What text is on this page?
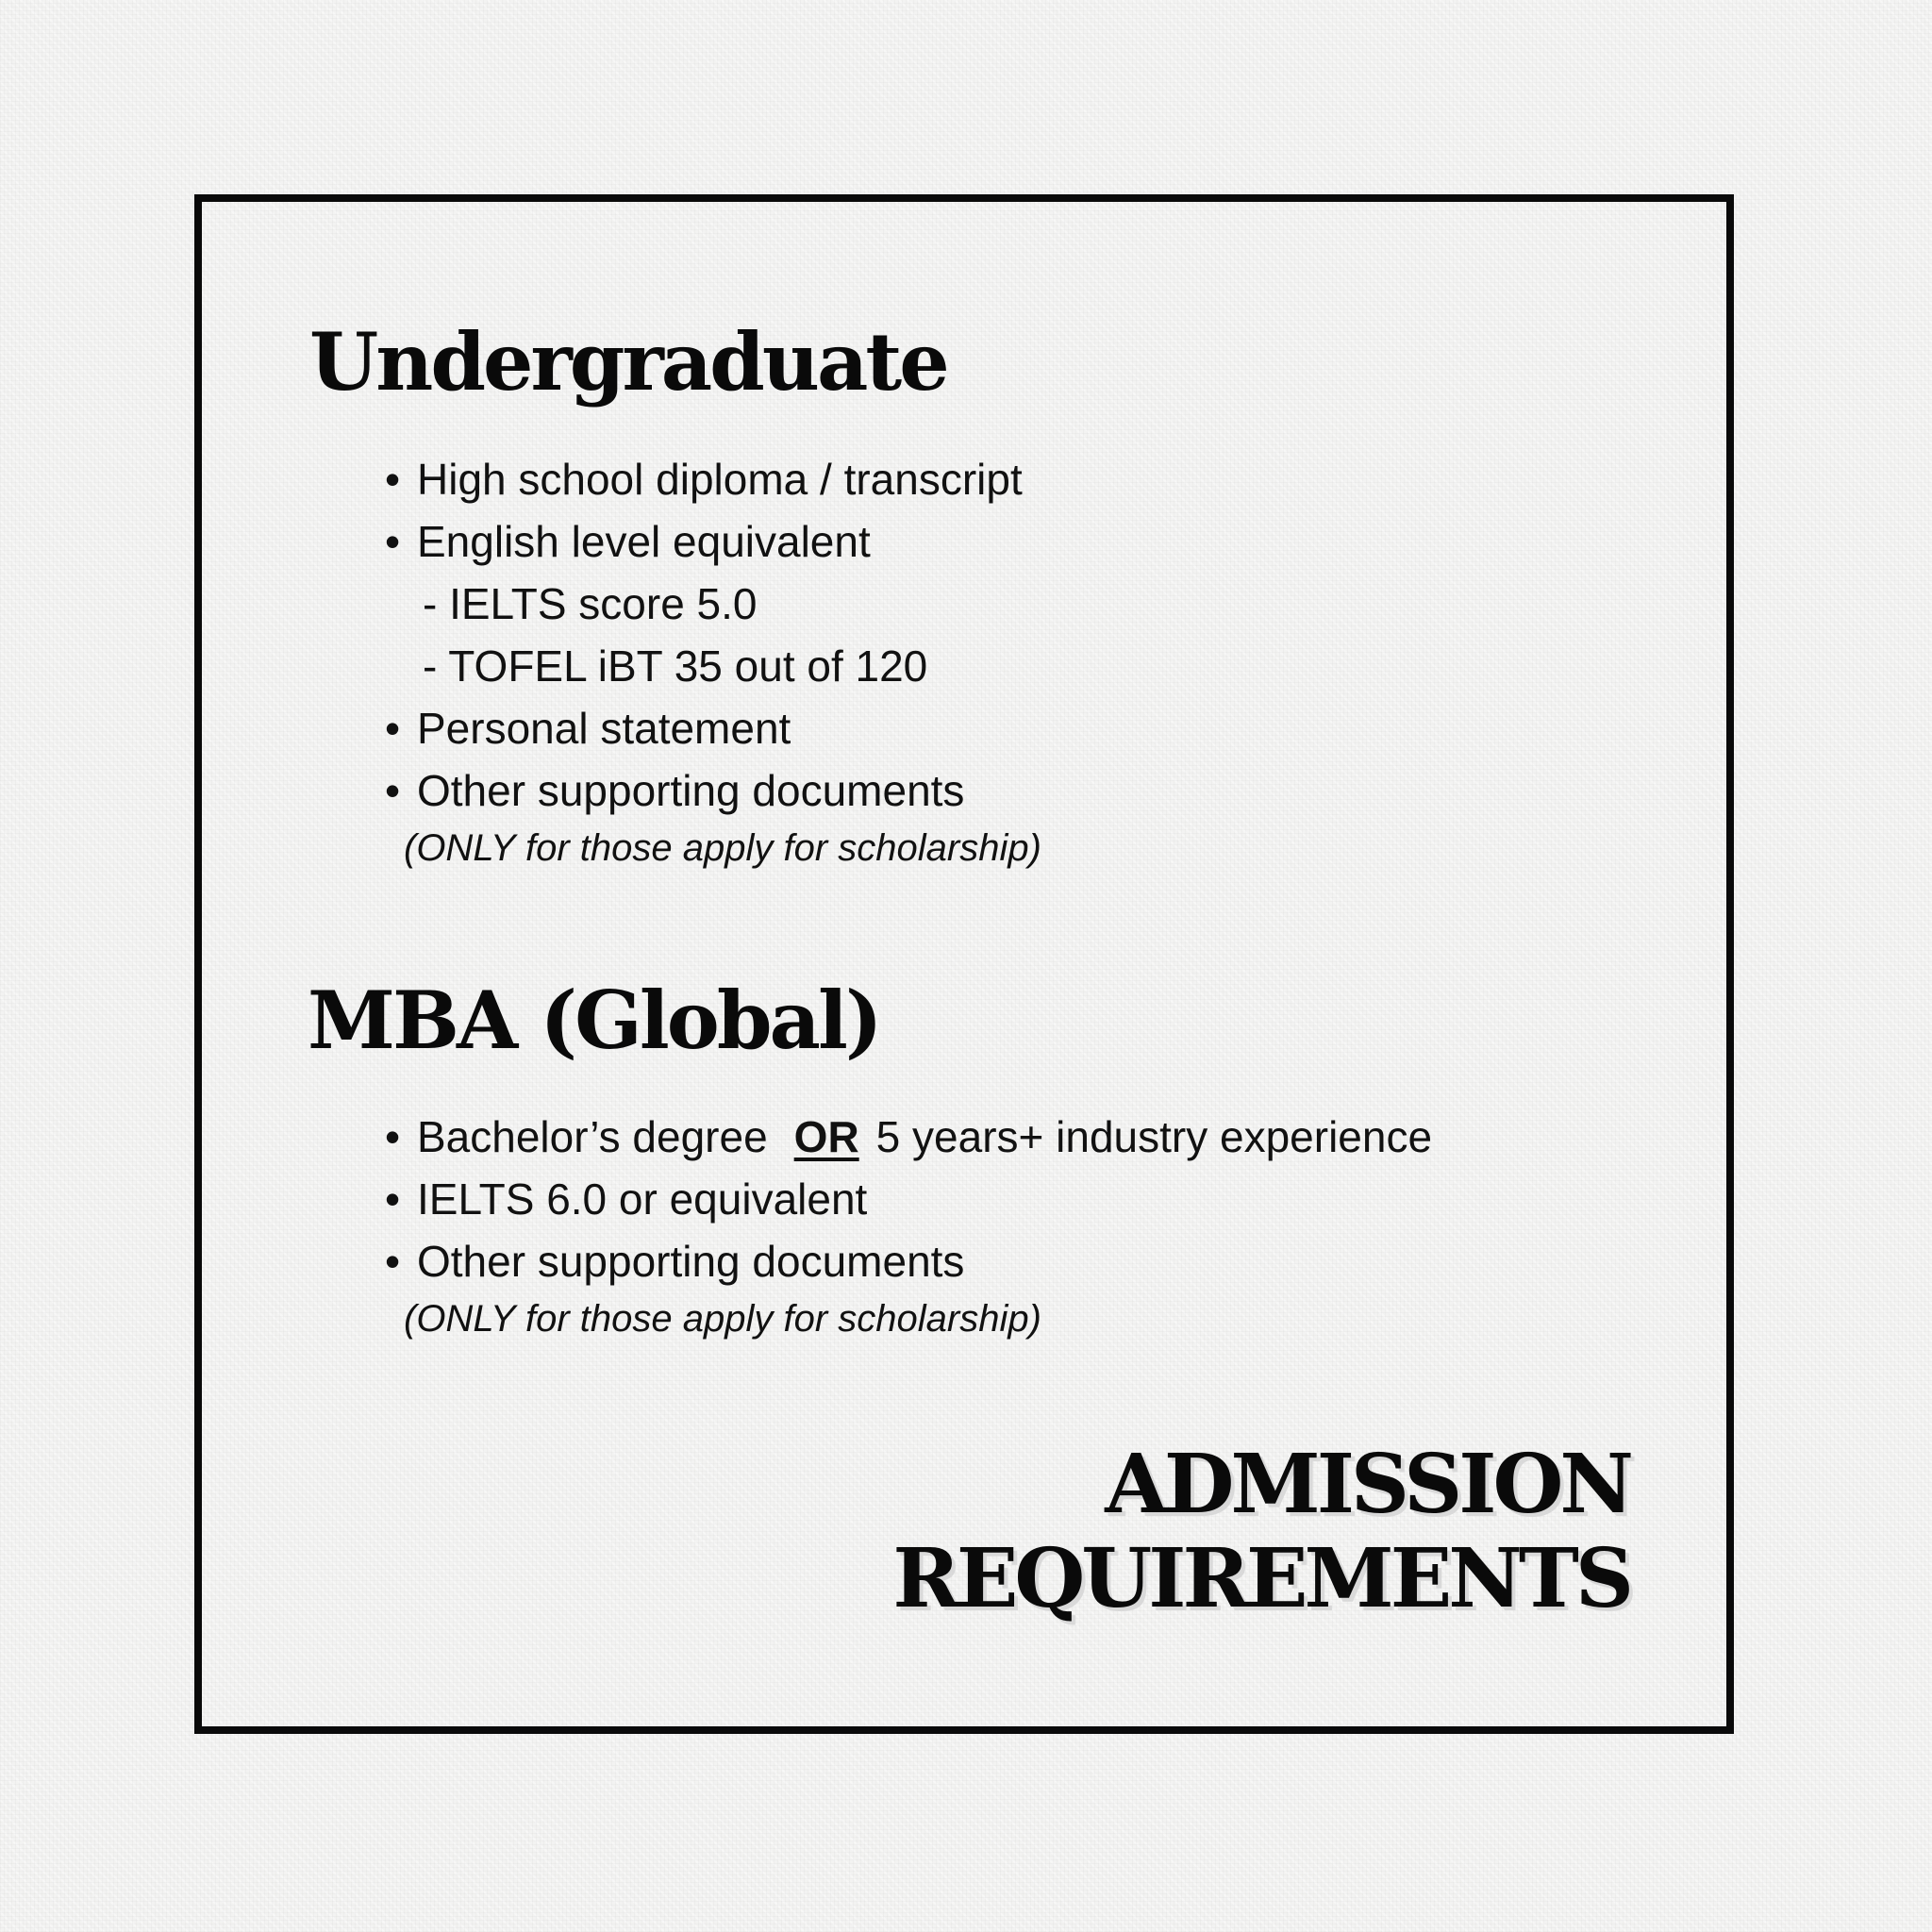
Undergraduate
• High school diploma / transcript
• English level equivalent
- IELTS score 5.0
- TOFEL iBT 35 out of 120
• Personal statement
• Other supporting documents
(ONLY for those apply for scholarship)
MBA (Global)
• Bachelor’s degree OR 5 years+ industry experience
• IELTS 6.0 or equivalent
• Other supporting documents
(ONLY for those apply for scholarship)
ADMISSION
REQUIREMENTS
